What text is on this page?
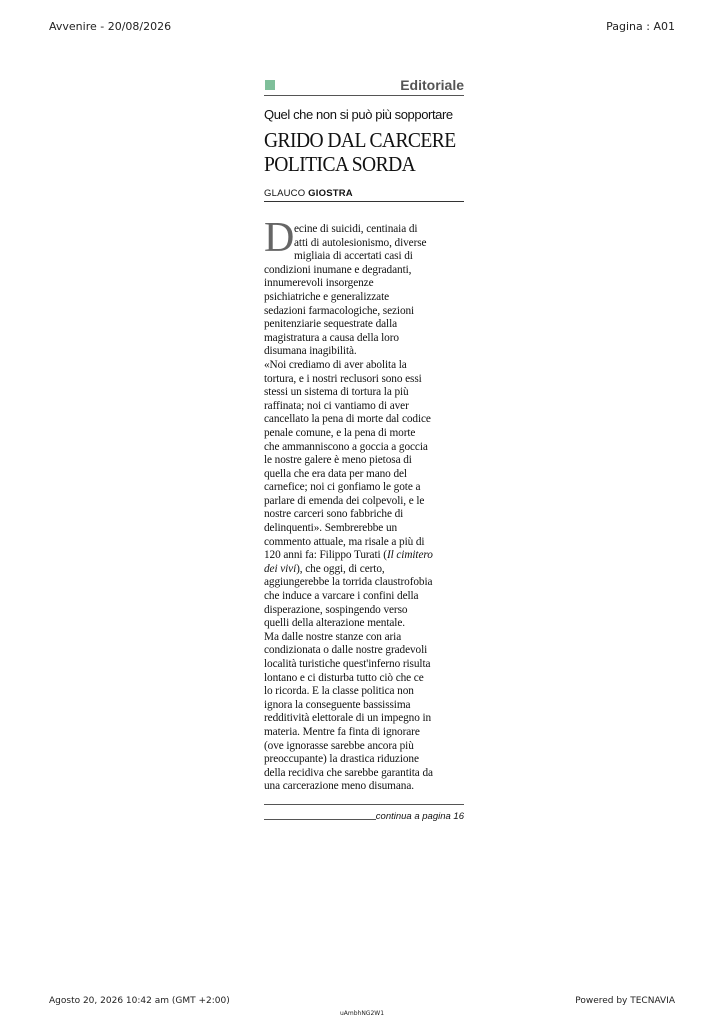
Avvenire - 20/08/2026	Pagina : A01
Editoriale
Quel che non si può più sopportare
GRIDO DAL CARCERE
POLITICA SORDA
GLAUCO GIOSTRA
D ecine di suicidi, centinaia di
atti di autolesionismo, diverse
migliaia di accertati casi di
condizioni inumane e degradanti,
innumerevoli insorgenze
psichiatriche e generalizzate
sedazioni farmacologiche, sezioni
penitenziarie sequestrate dalla
magistratura a causa della loro
disumana inagibilità.
«Noi crediamo di aver abolita la
tortura, e i nostri reclusori sono essi
stessi un sistema di tortura la più
raffinata; noi ci vantiamo di aver
cancellato la pena di morte dal codice
penale comune, e la pena di morte
che ammanniscono a goccia a goccia
le nostre galere è meno pietosa di
quella che era data per mano del
carnefice; noi ci gonfiamo le gote a
parlare di emenda dei colpevoli, e le
nostre carceri sono fabbriche di
delinquenti». Sembrerebbe un
commento attuale, ma risale a più di
120 anni fa: Filippo Turati (Il cimitero
dei vivi), che oggi, di certo,
aggiungerebbe la torrida claustrofobia
che induce a varcare i confini della
disperazione, sospingendo verso
quelli della alterazione mentale.
Ma dalle nostre stanze con aria
condizionata o dalle nostre gradevoli
località turistiche quest'inferno risulta
lontano e ci disturba tutto ciò che ce
lo ricorda. E la classe politica non
ignora la conseguente bassissima
redditività elettorale di un impegno in
materia. Mentre fa finta di ignorare
(ove ignorasse sarebbe ancora più
preoccupante) la drastica riduzione
della recidiva che sarebbe garantita da
una carcerazione meno disumana.
continua a pagina 16
Agosto 20, 2026 10:42 am (GMT +2:00)	Powered by TECNAVIA
uAmbhNG2W1
